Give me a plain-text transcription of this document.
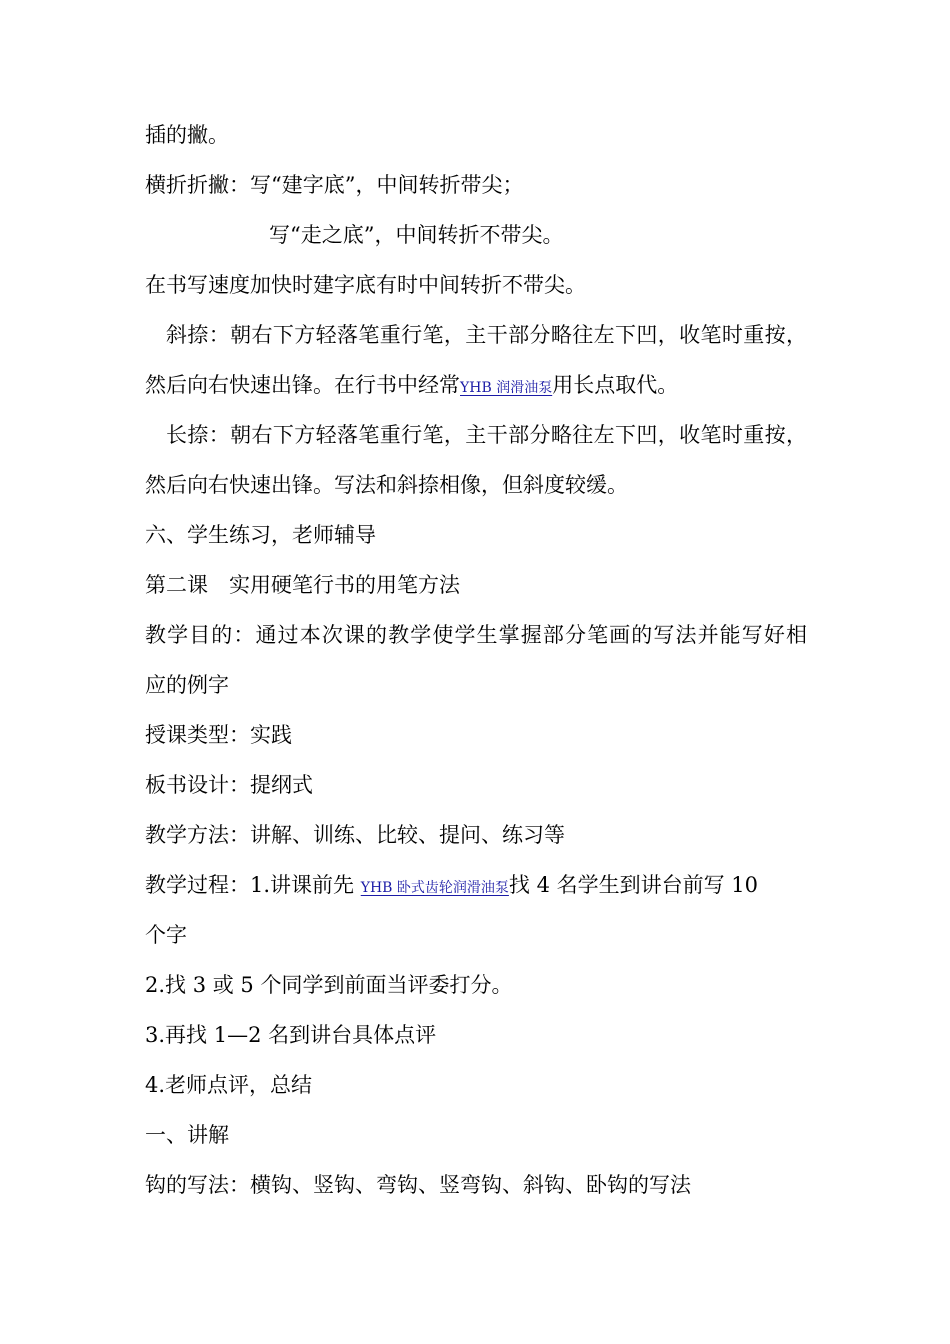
插的撇。
横折折撇：写“建字底”，中间转折带尖；
写“走之底”，中间转折不带尖。
在书写速度加快时建字底有时中间转折不带尖。
斜捺：朝右下方轻落笔重行笔，主干部分略往左下凹，收笔时重按，
然后向右快速出锋。在行书中经常YHB 润滑油泵用长点取代。
长捺：朝右下方轻落笔重行笔，主干部分略往左下凹，收笔时重按，
然后向右快速出锋。写法和斜捺相像，但斜度较缓。
六、学生练习，老师辅导
第二课　实用硬笔行书的用笔方法
教学目的：通过本次课的教学使学生掌握部分笔画的写法并能写好相
应的例字
授课类型：实践
板书设计：提纲式
教学方法：讲解、训练、比较、提问、练习等
教学过程：1.讲课前先 YHB 卧式齿轮润滑油泵找 4 名学生到讲台前写 10
个字
2.找 3 或 5 个同学到前面当评委打分。
3.再找 1—2 名到讲台具体点评
4.老师点评，总结
一、讲解
钩的写法：横钩、竖钩、弯钩、竖弯钩、斜钩、卧钩的写法
